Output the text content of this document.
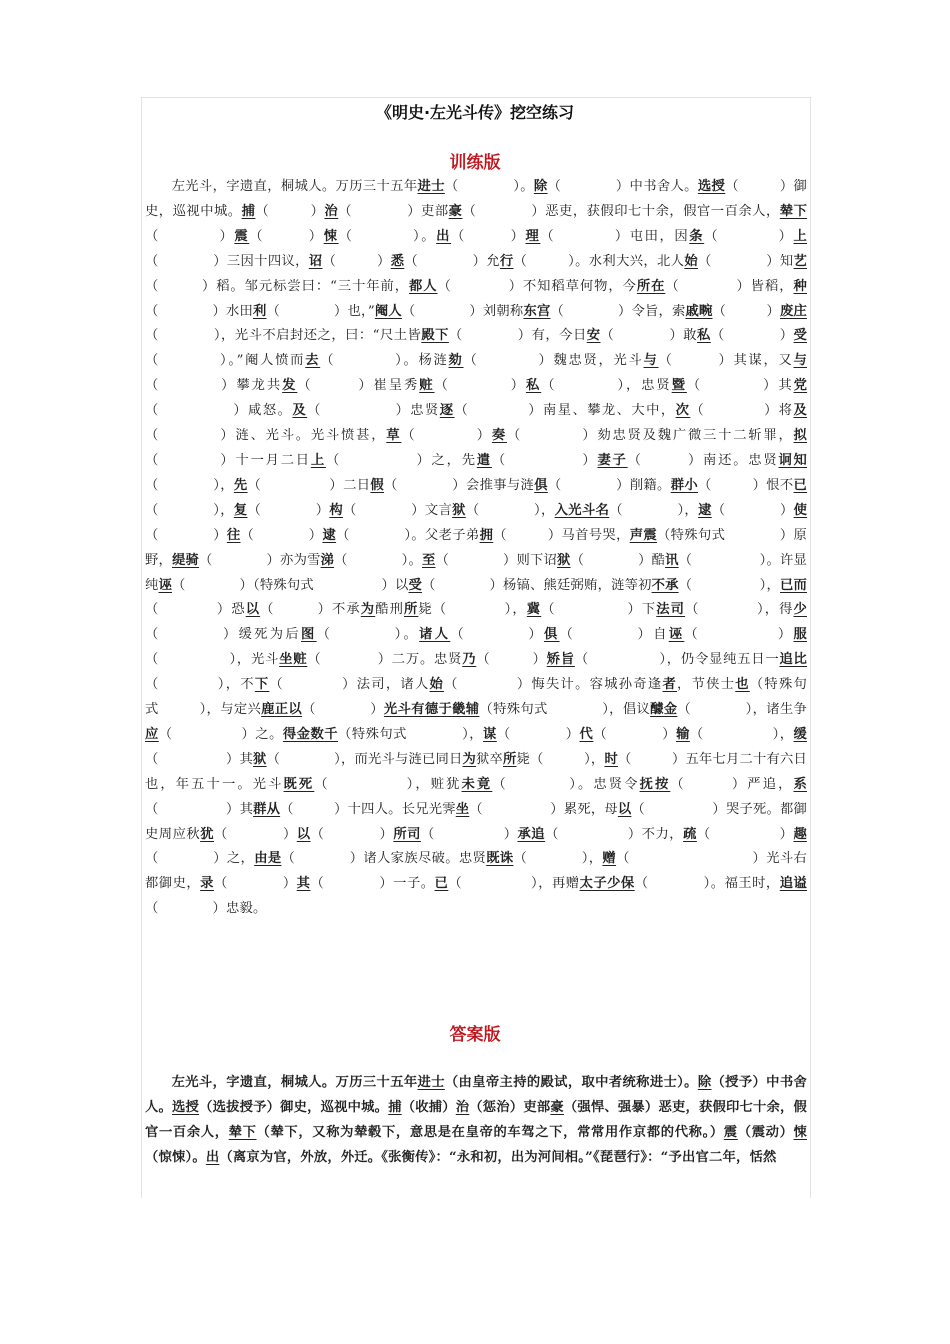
《明史·左光斗传》挖空练习
训练版
左光斗，字遗直，桐城人。万历三十五年进士（　　　　）。除（　　　　）中书舍人。选授（　　　）御史，巡视中城。捕（　　　）治（　　　　）吏部豪（　　　　）恶吏，获假印七十余，假官一百余人，辇下（　　　　）震（　　　）悚（　　　　）。出（　　　）理（　　　　）屯田，因条（　　　　）上（　　　　）三因十四议，诏（　　　）悉（　　　　）允行（　　　）。水利大兴，北人始（　　　　）知艺（　　　）稻。邹元标尝曰：“三十年前，都人（　　　　）不知稻草何物，今所在（　　　　）皆稻，种（　　　　）水田利（　　　　）也，”阉人（　　　　）刘朝称东宫（　　　　）令旨，索戚畹（　　　）废庄（　　　　），光斗不启封还之，曰：“尺土皆殿下（　　　　）有，今日安（　　　　）敢私（　　　　）受（　　　　）。”阉人愤而去（　　　　）。杨涟劾（　　　　）魏忠贤，光斗与（　　　）其谋，又与（　　　　）攀龙共发（　　　）崔呈秀赃（　　　　）私（　　　　），忠贤暨（　　　　）其党（　　　　　）咸怒。及（　　　　　）忠贤逐（　　　　）南星、攀龙、大中，次（　　　　）将及（　　　　）涟、光斗。光斗愤甚，草（　　　　）奏（　　　　）劾忠贤及魏广微三十二斩罪，拟（　　　　）十一月二日上（　　　　　）之，先遣（　　　　　）妻子（　　　）南还。忠贤诇知（　　　　），先（　　　　　）二日假（　　　　）会推事与涟俱（　　　　）削籍。群小（　　　）恨不已（　　　　），复（　　　　）构（　　　　）文言狱（　　　　），入光斗名（　　　　），逮（　　　　）使（　　　　）往（　　　　）逮（　　　　）。父老子弟拥（　　　）马首号哭，声震（特殊句式　　　　）原野，缇骑（　　　　）亦为雪涕（　　　　）。至（　　　　）则下诏狱（　　　　）酷讯（　　　　　）。许显纯诬（　　　　）（特殊句式　　　　　）以受（　　　　）杨镐、熊廷弼贿，涟等初不承（　　　　　），已而（　　　　）恐以（　　　）不承为酷刑所毙（　　　　），冀（　　　　　）下法司（　　　　），得少（　　　　）缓死为后图（　　　　）。诸人（　　　　）俱（　　　　）自诬（　　　　　）服（　　　　　），光斗坐赃（　　　　）二万。忠贤乃（　　　）矫旨（　　　　　），仍令显纯五日一追比（　　　　），不下（　　　　）法司，诸人始（　　　　）悔失计。容城孙奇逢者，节侠士也（特殊句式　　　），与定兴鹿正以（　　　　）光斗有德于畿辅（特殊句式　　　　），倡议醵金（　　　　），诸生争应（　　　　　）之。得金数千（特殊句式　　　　），谋（　　　　）代（　　　　）输（　　　　　），缓（　　　　　）其狱（　　　　），而光斗与涟已同日为狱卒所毙（　　　），时（　　　）五年七月二十有六日也，年五十一。光斗既死（　　　　　），赃犹未竟（　　　　）。忠贤令抚按（　　　）严追，系（　　　　　）其群从（　　　）十四人。长兄光霁坐（　　　　　）累死，母以（　　　　　）哭子死。都御史周应秋犹（　　　　）以（　　　　）所司（　　　　　）承追（　　　　　）不力，疏（　　　　　）趣（　　　　）之，由是（　　　　）诸人家族尽破。忠贤既诛（　　　　），赠（　　　　　　　　　）光斗右都御史，录（　　　　）其（　　　　）一子。已（　　　　　），再赠太子少保（　　　　）。福王时，追谥（　　　　）忠毅。
答案版
左光斗，字遗直，桐城人。万历三十五年进士（由皇帝主持的殿试，取中者统称进士）。除（授予）中书舍人。选授（选拔授予）御史，巡视中城。捕（收捕）治（惩治）吏部豪（强悍、强暴）恶吏，获假印七十余，假官一百余人，辇下（辇下，又称为辇毂下，意思是在皇帝的车驾之下，常常用作京都的代称。）震（震动）悚（惊悚）。出（离京为官，外放，外迁。《张衡传》：“永和初，出为河间相。”《琵琶行》：“予出官二年，恬然
